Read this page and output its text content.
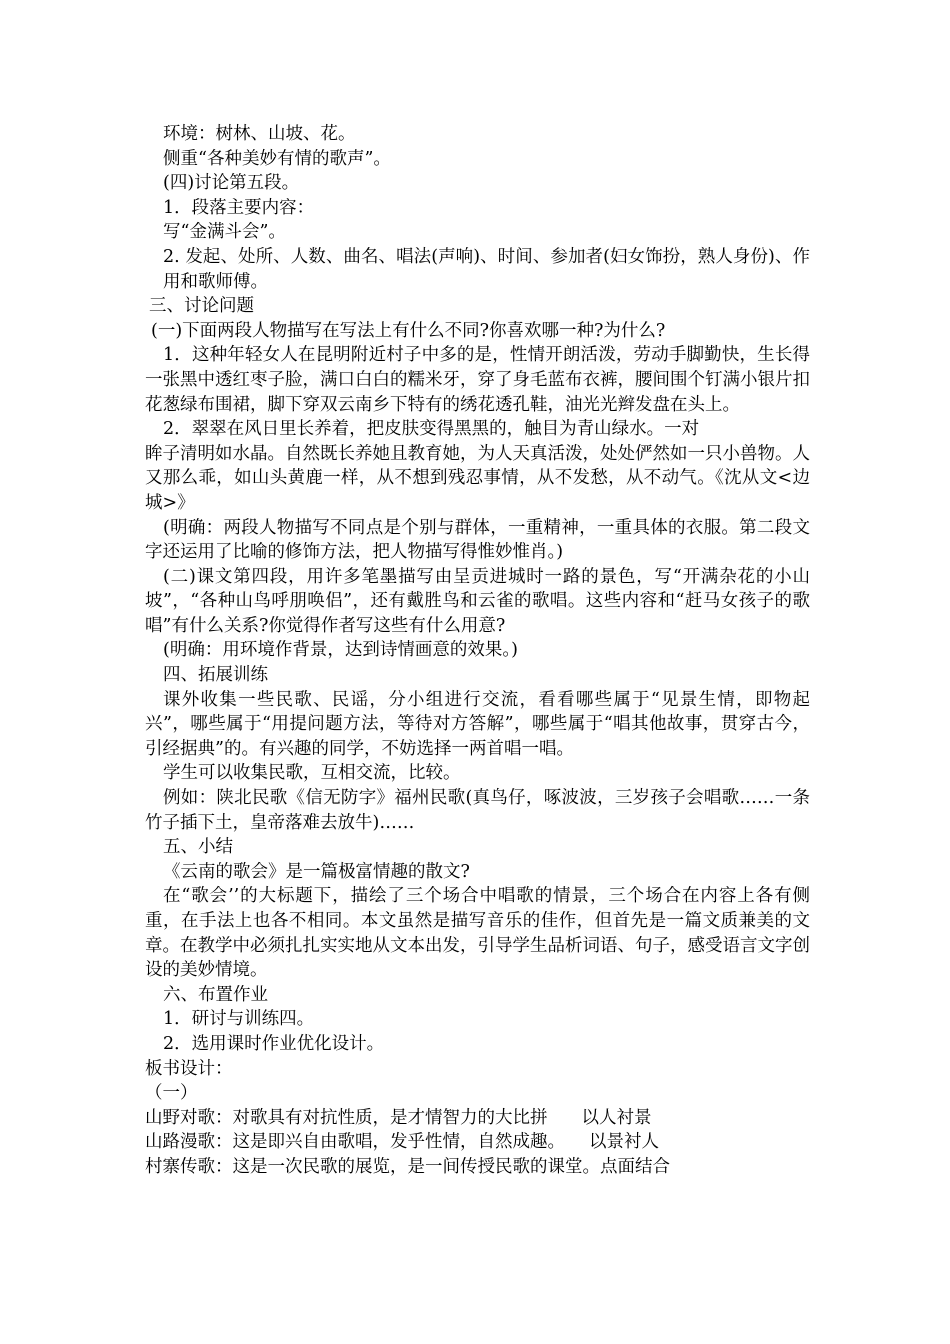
环境：树林、山坡、花。
侧重“各种美妙有情的歌声”。
(四)讨论第五段。
1．段落主要内容：
写“金满斗会”。
2. 发起、处所、人数、曲名、唱法(声响)、时间、参加者(妇女饰扮，熟人身份)、作用和歌师傅。
三、讨论问题
(一)下面两段人物描写在写法上有什么不同?你喜欢哪一种?为什么?
1．这种年轻女人在昆明附近村子中多的是，性情开朗活泼，劳动手脚勤快，生长得一张黑中透红枣子脸，满口白白的糯米牙，穿了身毛蓝布衣裤，腰间围个钉满小银片扣花葱绿布围裙，脚下穿双云南乡下特有的绣花透孔鞋，油光光辫发盘在头上。
2．翠翠在风日里长养着，把皮肤变得黑黑的，触目为青山绿水。一对
眸子清明如水晶。自然既长养她且教育她，为人天真活泼，处处俨然如一只小兽物。人又那么乖，如山头黄鹿一样，从不想到残忍事情，从不发愁，从不动气。《沈从文<边城>》
(明确：两段人物描写不同点是个别与群体，一重精神，一重具体的衣服。第二段文字还运用了比喻的修饰方法，把人物描写得惟妙惟肖。)
(二)课文第四段，用许多笔墨描写由呈贡进城时一路的景色，写“开满杂花的小山坡”，“各种山鸟呼朋唤侣”，还有戴胜鸟和云雀的歌唱。这些内容和“赶马女孩子的歌唱”有什么关系?你觉得作者写这些有什么用意?
(明确：用环境作背景，达到诗情画意的效果。)
四、拓展训练
课外收集一些民歌、民谣，分小组进行交流，看看哪些属于“见景生情，即物起兴”，哪些属于“用提问题方法，等待对方答解”，哪些属于“唱其他故事，贯穿古今，引经据典”的。有兴趣的同学，不妨选择一两首唱一唱。
学生可以收集民歌，互相交流，比较。
例如：陕北民歌《信无防字》福州民歌(真鸟仔，啄波波，三岁孩子会唱歌……一条竹子插下土，皇帝落难去放牛)……
五、小结
《云南的歌会》是一篇极富情趣的散文?
在“歌会’’的大标题下，描绘了三个场合中唱歌的情景，三个场合在内容上各有侧重，在手法上也各不相同。本文虽然是描写音乐的佳作，但首先是一篇文质兼美的文章。在教学中必须扎扎实实地从文本出发，引导学生品析词语、句子，感受语言文字创设的美妙情境。
六、布置作业
1．研讨与训练四。
2．选用课时作业优化设计。
板书设计：
（一）
山野对歌：对歌具有对抗性质，是才情智力的大比拼 以人衬景
山路漫歌：这是即兴自由歌唱，发乎性情，自然成趣。 以景衬人
村寨传歌：这是一次民歌的展览，是一间传授民歌的课堂。点面结合
